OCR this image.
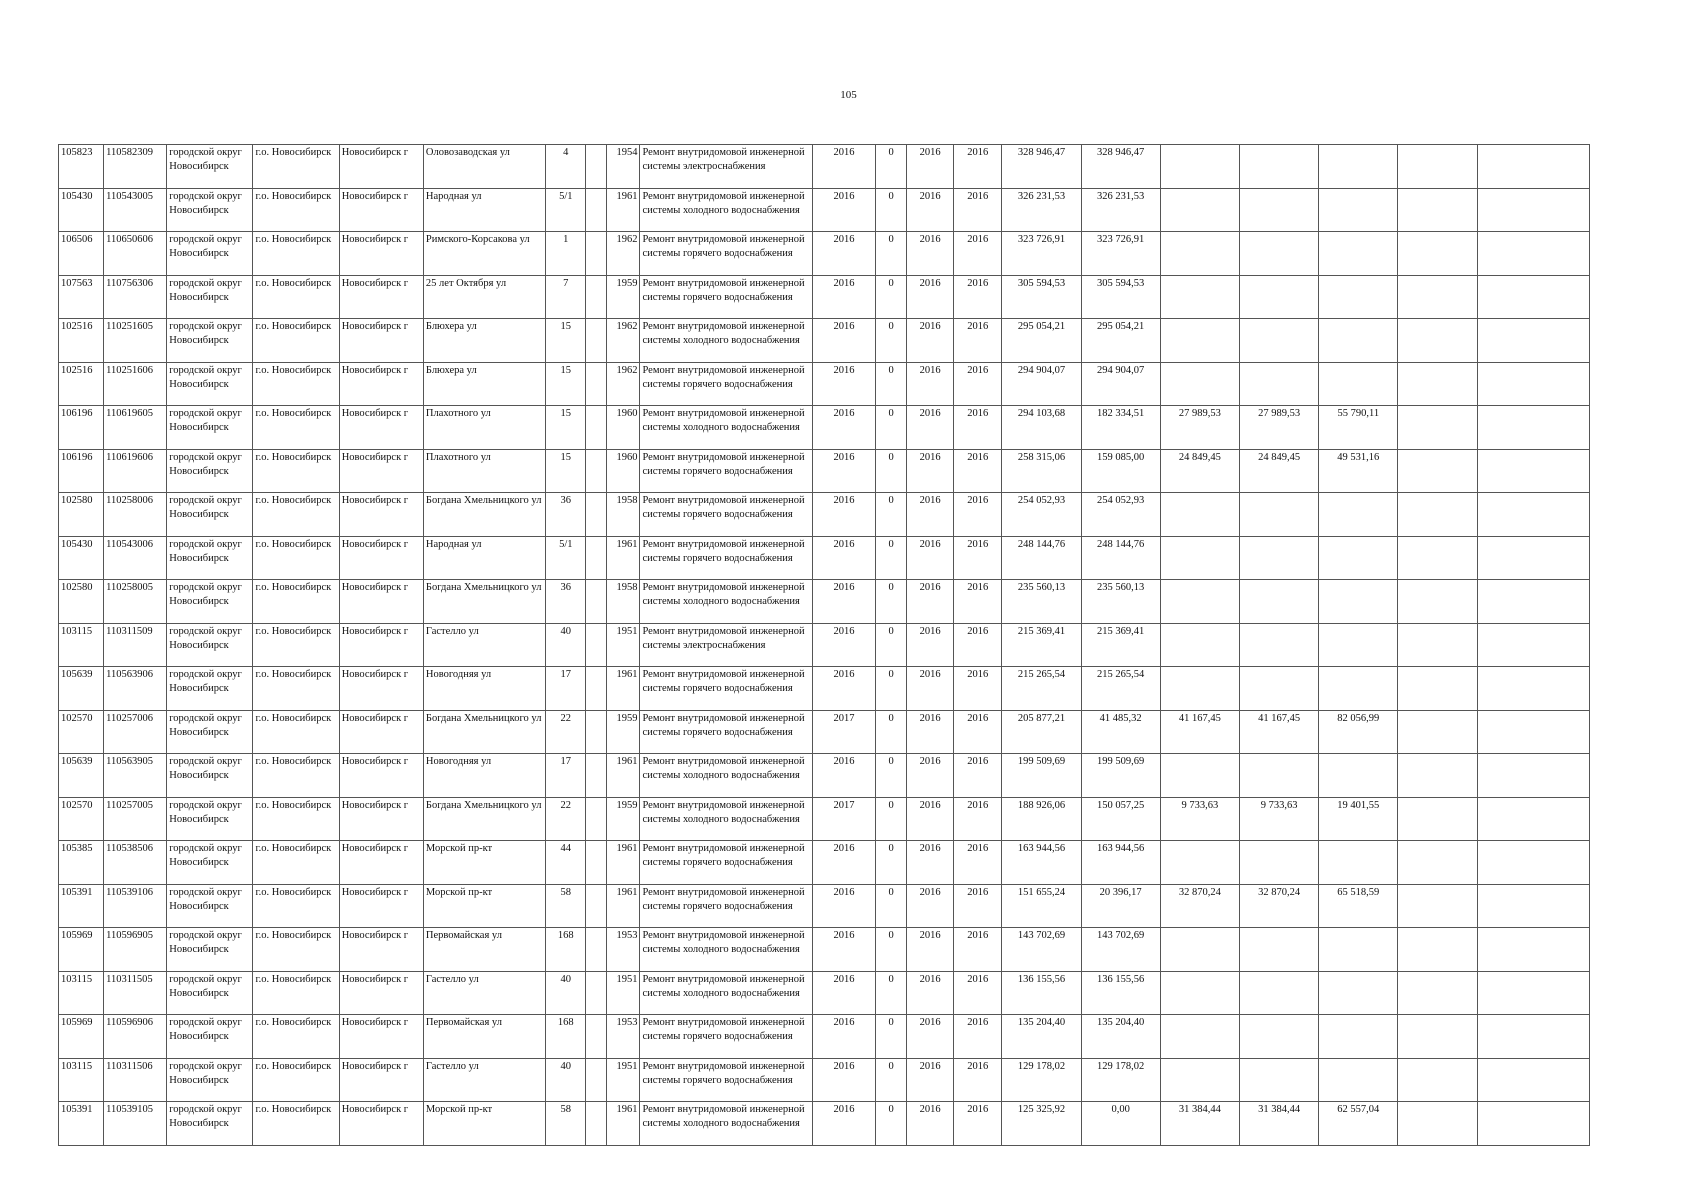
105
105823	110582309	городской округ Новосибирск	г.о. Новосибирск	Новосибирск г	Оловозаводская ул	4		1954	Ремонт внутридомовой инженерной системы электроснабжения	2016	0	2016	2016	328 946,47	328 946,47					
105430	110543005	городской округ Новосибирск	г.о. Новосибирск	Новосибирск г	Народная ул	5/1		1961	Ремонт внутридомовой инженерной системы холодного водоснабжения	2016	0	2016	2016	326 231,53	326 231,53					
106506	110650606	городской округ Новосибирск	г.о. Новосибирск	Новосибирск г	Римского-Корсакова ул	1		1962	Ремонт внутридомовой инженерной системы горячего водоснабжения	2016	0	2016	2016	323 726,91	323 726,91					
107563	110756306	городской округ Новосибирск	г.о. Новосибирск	Новосибирск г	25 лет Октября ул	7		1959	Ремонт внутридомовой инженерной системы горячего водоснабжения	2016	0	2016	2016	305 594,53	305 594,53					
102516	110251605	городской округ Новосибирск	г.о. Новосибирск	Новосибирск г	Блюхера ул	15		1962	Ремонт внутридомовой инженерной системы холодного водоснабжения	2016	0	2016	2016	295 054,21	295 054,21					
102516	110251606	городской округ Новосибирск	г.о. Новосибирск	Новосибирск г	Блюхера ул	15		1962	Ремонт внутридомовой инженерной системы горячего водоснабжения	2016	0	2016	2016	294 904,07	294 904,07					
106196	110619605	городской округ Новосибирск	г.о. Новосибирск	Новосибирск г	Плахотного ул	15		1960	Ремонт внутридомовой инженерной системы холодного водоснабжения	2016	0	2016	2016	294 103,68	182 334,51	27 989,53	27 989,53	55 790,11		
106196	110619606	городской округ Новосибирск	г.о. Новосибирск	Новосибирск г	Плахотного ул	15		1960	Ремонт внутридомовой инженерной системы горячего водоснабжения	2016	0	2016	2016	258 315,06	159 085,00	24 849,45	24 849,45	49 531,16		
102580	110258006	городской округ Новосибирск	г.о. Новосибирск	Новосибирск г	Богдана Хмельницкого ул	36		1958	Ремонт внутридомовой инженерной системы горячего водоснабжения	2016	0	2016	2016	254 052,93	254 052,93					
105430	110543006	городской округ Новосибирск	г.о. Новосибирск	Новосибирск г	Народная ул	5/1		1961	Ремонт внутридомовой инженерной системы горячего водоснабжения	2016	0	2016	2016	248 144,76	248 144,76					
102580	110258005	городской округ Новосибирск	г.о. Новосибирск	Новосибирск г	Богдана Хмельницкого ул	36		1958	Ремонт внутридомовой инженерной системы холодного водоснабжения	2016	0	2016	2016	235 560,13	235 560,13					
103115	110311509	городской округ Новосибирск	г.о. Новосибирск	Новосибирск г	Гастелло ул	40		1951	Ремонт внутридомовой инженерной системы электроснабжения	2016	0	2016	2016	215 369,41	215 369,41					
105639	110563906	городской округ Новосибирск	г.о. Новосибирск	Новосибирск г	Новогодняя ул	17		1961	Ремонт внутридомовой инженерной системы горячего водоснабжения	2016	0	2016	2016	215 265,54	215 265,54					
102570	110257006	городской округ Новосибирск	г.о. Новосибирск	Новосибирск г	Богдана Хмельницкого ул	22		1959	Ремонт внутридомовой инженерной системы горячего водоснабжения	2017	0	2016	2016	205 877,21	41 485,32	41 167,45	41 167,45	82 056,99		
105639	110563905	городской округ Новосибирск	г.о. Новосибирск	Новосибирск г	Новогодняя ул	17		1961	Ремонт внутридомовой инженерной системы холодного водоснабжения	2016	0	2016	2016	199 509,69	199 509,69					
102570	110257005	городской округ Новосибирск	г.о. Новосибирск	Новосибирск г	Богдана Хмельницкого ул	22		1959	Ремонт внутридомовой инженерной системы холодного водоснабжения	2017	0	2016	2016	188 926,06	150 057,25	9 733,63	9 733,63	19 401,55		
105385	110538506	городской округ Новосибирск	г.о. Новосибирск	Новосибирск г	Морской пр-кт	44		1961	Ремонт внутридомовой инженерной системы горячего водоснабжения	2016	0	2016	2016	163 944,56	163 944,56					
105391	110539106	городской округ Новосибирск	г.о. Новосибирск	Новосибирск г	Морской пр-кт	58		1961	Ремонт внутридомовой инженерной системы горячего водоснабжения	2016	0	2016	2016	151 655,24	20 396,17	32 870,24	32 870,24	65 518,59		
105969	110596905	городской округ Новосибирск	г.о. Новосибирск	Новосибирск г	Первомайская ул	168		1953	Ремонт внутридомовой инженерной системы холодного водоснабжения	2016	0	2016	2016	143 702,69	143 702,69					
103115	110311505	городской округ Новосибирск	г.о. Новосибирск	Новосибирск г	Гастелло ул	40		1951	Ремонт внутридомовой инженерной системы холодного водоснабжения	2016	0	2016	2016	136 155,56	136 155,56					
105969	110596906	городской округ Новосибирск	г.о. Новосибирск	Новосибирск г	Первомайская ул	168		1953	Ремонт внутридомовой инженерной системы горячего водоснабжения	2016	0	2016	2016	135 204,40	135 204,40					
103115	110311506	городской округ Новосибирск	г.о. Новосибирск	Новосибирск г	Гастелло ул	40		1951	Ремонт внутридомовой инженерной системы горячего водоснабжения	2016	0	2016	2016	129 178,02	129 178,02					
105391	110539105	городской округ Новосибирск	г.о. Новосибирск	Новосибирск г	Морской пр-кт	58		1961	Ремонт внутридомовой инженерной системы холодного водоснабжения	2016	0	2016	2016	125 325,92	0,00	31 384,44	31 384,44	62 557,04		
